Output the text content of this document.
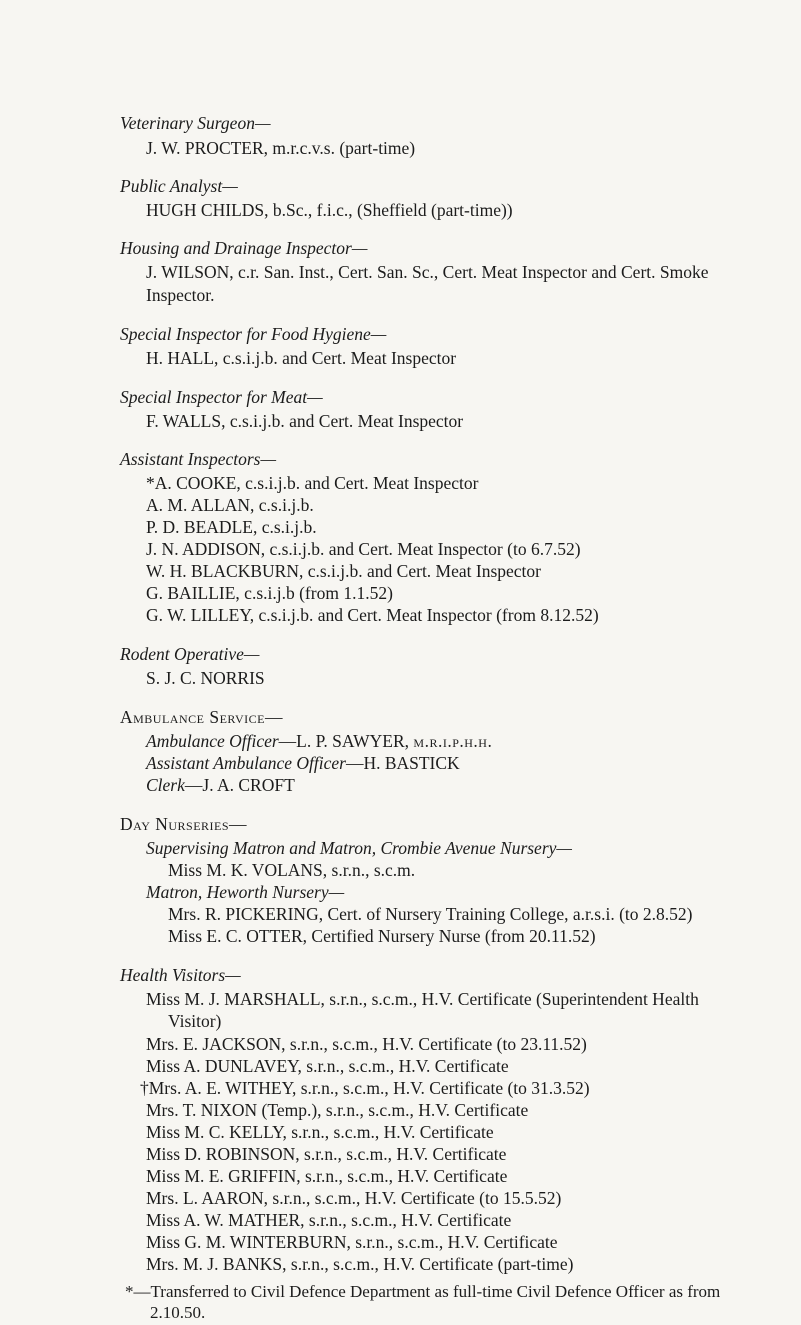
Veterinary Surgeon—
J. W. PROCTER, m.r.c.v.s. (part-time)
Public Analyst—
HUGH CHILDS, b.Sc., f.i.c., (Sheffield (part-time))
Housing and Drainage Inspector—
J. WILSON, c.r. San. Inst., Cert. San. Sc., Cert. Meat Inspector and Cert. Smoke
Inspector.
Special Inspector for Food Hygiene—
H. HALL, c.s.i.j.b. and Cert. Meat Inspector
Special Inspector for Meat—
F. WALLS, c.s.i.j.b. and Cert. Meat Inspector
Assistant Inspectors—
*A. COOKE, c.s.i.j.b. and Cert. Meat Inspector
A. M. ALLAN, c.s.i.j.b.
P. D. BEADLE, c.s.i.j.b.
J. N. ADDISON, c.s.i.j.b. and Cert. Meat Inspector (to 6.7.52)
W. H. BLACKBURN, c.s.i.j.b. and Cert. Meat Inspector
G. BAILLIE, c.s.i.j.b (from 1.1.52)
G. W. LILLEY, c.s.i.j.b. and Cert. Meat Inspector (from 8.12.52)
Rodent Operative—
S. J. C. NORRIS
Ambulance Service—
Ambulance Officer—L. P. SAWYER, m.r.i.p.h.h.
Assistant Ambulance Officer—H. BASTICK
Clerk—J. A. CROFT
Day Nurseries—
Supervising Matron and Matron, Crombie Avenue Nursery—
Miss M. K. VOLANS, s.r.n., s.c.m.
Matron, Heworth Nursery—
Mrs. R. PICKERING, Cert. of Nursery Training College, a.r.s.i. (to 2.8.52)
Miss E. C. OTTER, Certified Nursery Nurse (from 20.11.52)
Health Visitors—
Miss M. J. MARSHALL, s.r.n., s.c.m., H.V. Certificate (Superintendent Health
Visitor)
Mrs. E. JACKSON, s.r.n., s.c.m., H.V. Certificate (to 23.11.52)
Miss A. DUNLAVEY, s.r.n., s.c.m., H.V. Certificate
†Mrs. A. E. WITHEY, s.r.n., s.c.m., H.V. Certificate (to 31.3.52)
Mrs. T. NIXON (Temp.), s.r.n., s.c.m., H.V. Certificate
Miss M. C. KELLY, s.r.n., s.c.m., H.V. Certificate
Miss D. ROBINSON, s.r.n., s.c.m., H.V. Certificate
Miss M. E. GRIFFIN, s.r.n., s.c.m., H.V. Certificate
Mrs. L. AARON, s.r.n., s.c.m., H.V. Certificate (to 15.5.52)
Miss A. W. MATHER, s.r.n., s.c.m., H.V. Certificate
Miss G. M. WINTERBURN, s.r.n., s.c.m., H.V. Certificate
Mrs. M. J. BANKS, s.r.n., s.c.m., H.V. Certificate (part-time)
*—Transferred to Civil Defence Department as full-time Civil Defence Officer as from
2.10.50.
